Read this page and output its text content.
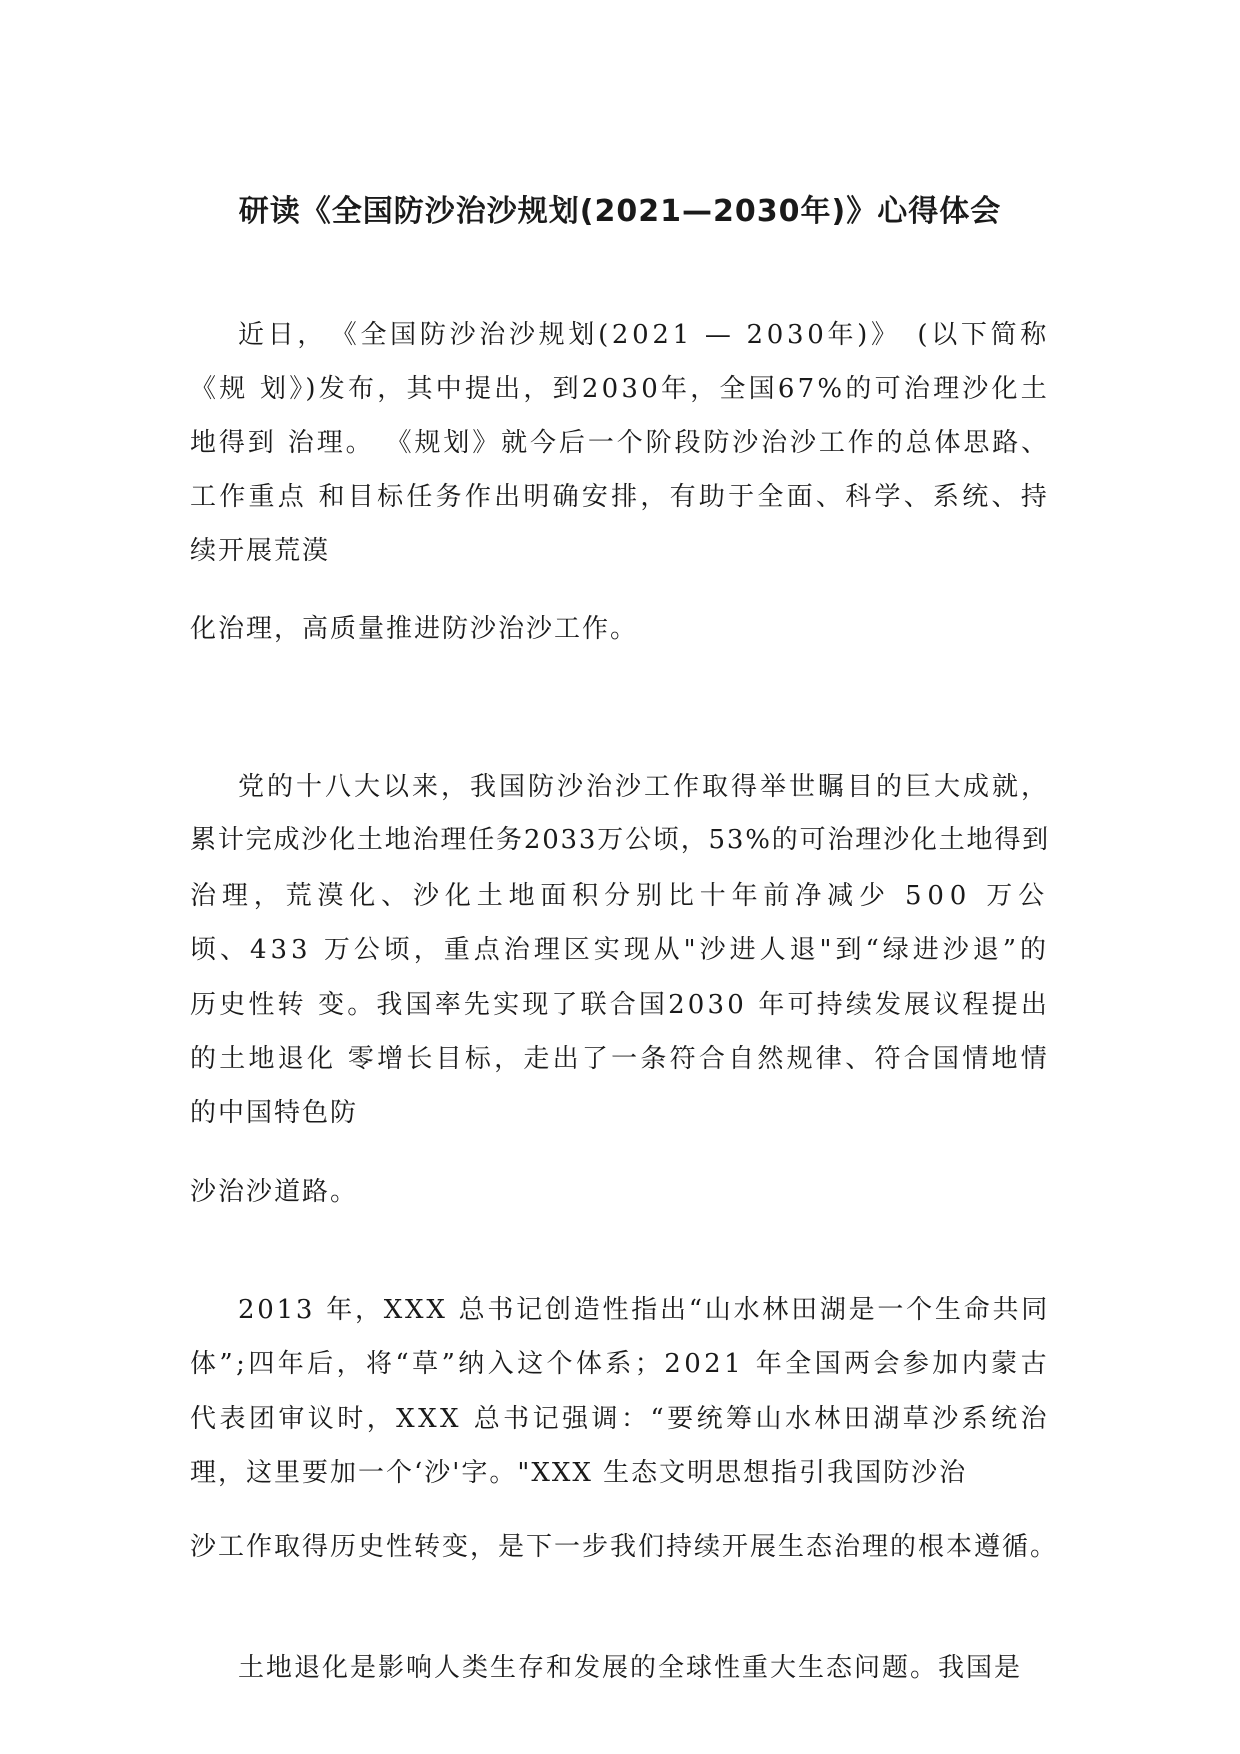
研读《全国防沙治沙规划(2021—2030年)》心得体会
近日，　《全国防沙治沙规划(2021 — 2030年)》　(以下简称
《规 划》)发布，其中提出，到2030年，全国67%的可治理沙化土
地得到 治理。 《规划》就今后一个阶段防沙治沙工作的总体思路、
工作重点 和目标任务作出明确安排，有助于全面、科学、系统、持
续开展荒漠
化治理，高质量推进防沙治沙工作。
党的十八大以来，我国防沙治沙工作取得举世瞩目的巨大成就，
累计完成沙化土地治理任务2033万公顷，53%的可治理沙化土地得到
治理，荒漠化、沙化土地面积分别比十年前净减少 500 万公
顷、433 万公顷，重点治理区实现从"沙进人退"到“绿进沙退”的
历史性转 变。我国率先实现了联合国2030 年可持续发展议程提出
的土地退化 零增长目标，走出了一条符合自然规律、符合国情地情
的中国特色防
沙治沙道路。
2013 年，XXX 总书记创造性指出“山水林田湖是一个生命共同
体”;四年后，将“草”纳入这个体系；2021 年全国两会参加内蒙古
代表团审议时，XXX 总书记强调：“要统筹山水林田湖草沙系统治
理，这里要加一个‘沙'字。"XXX 生态文明思想指引我国防沙治
沙工作取得历史性转变，是下一步我们持续开展生态治理的根本遵循。
土地退化是影响人类生存和发展的全球性重大生态问题。我国是
